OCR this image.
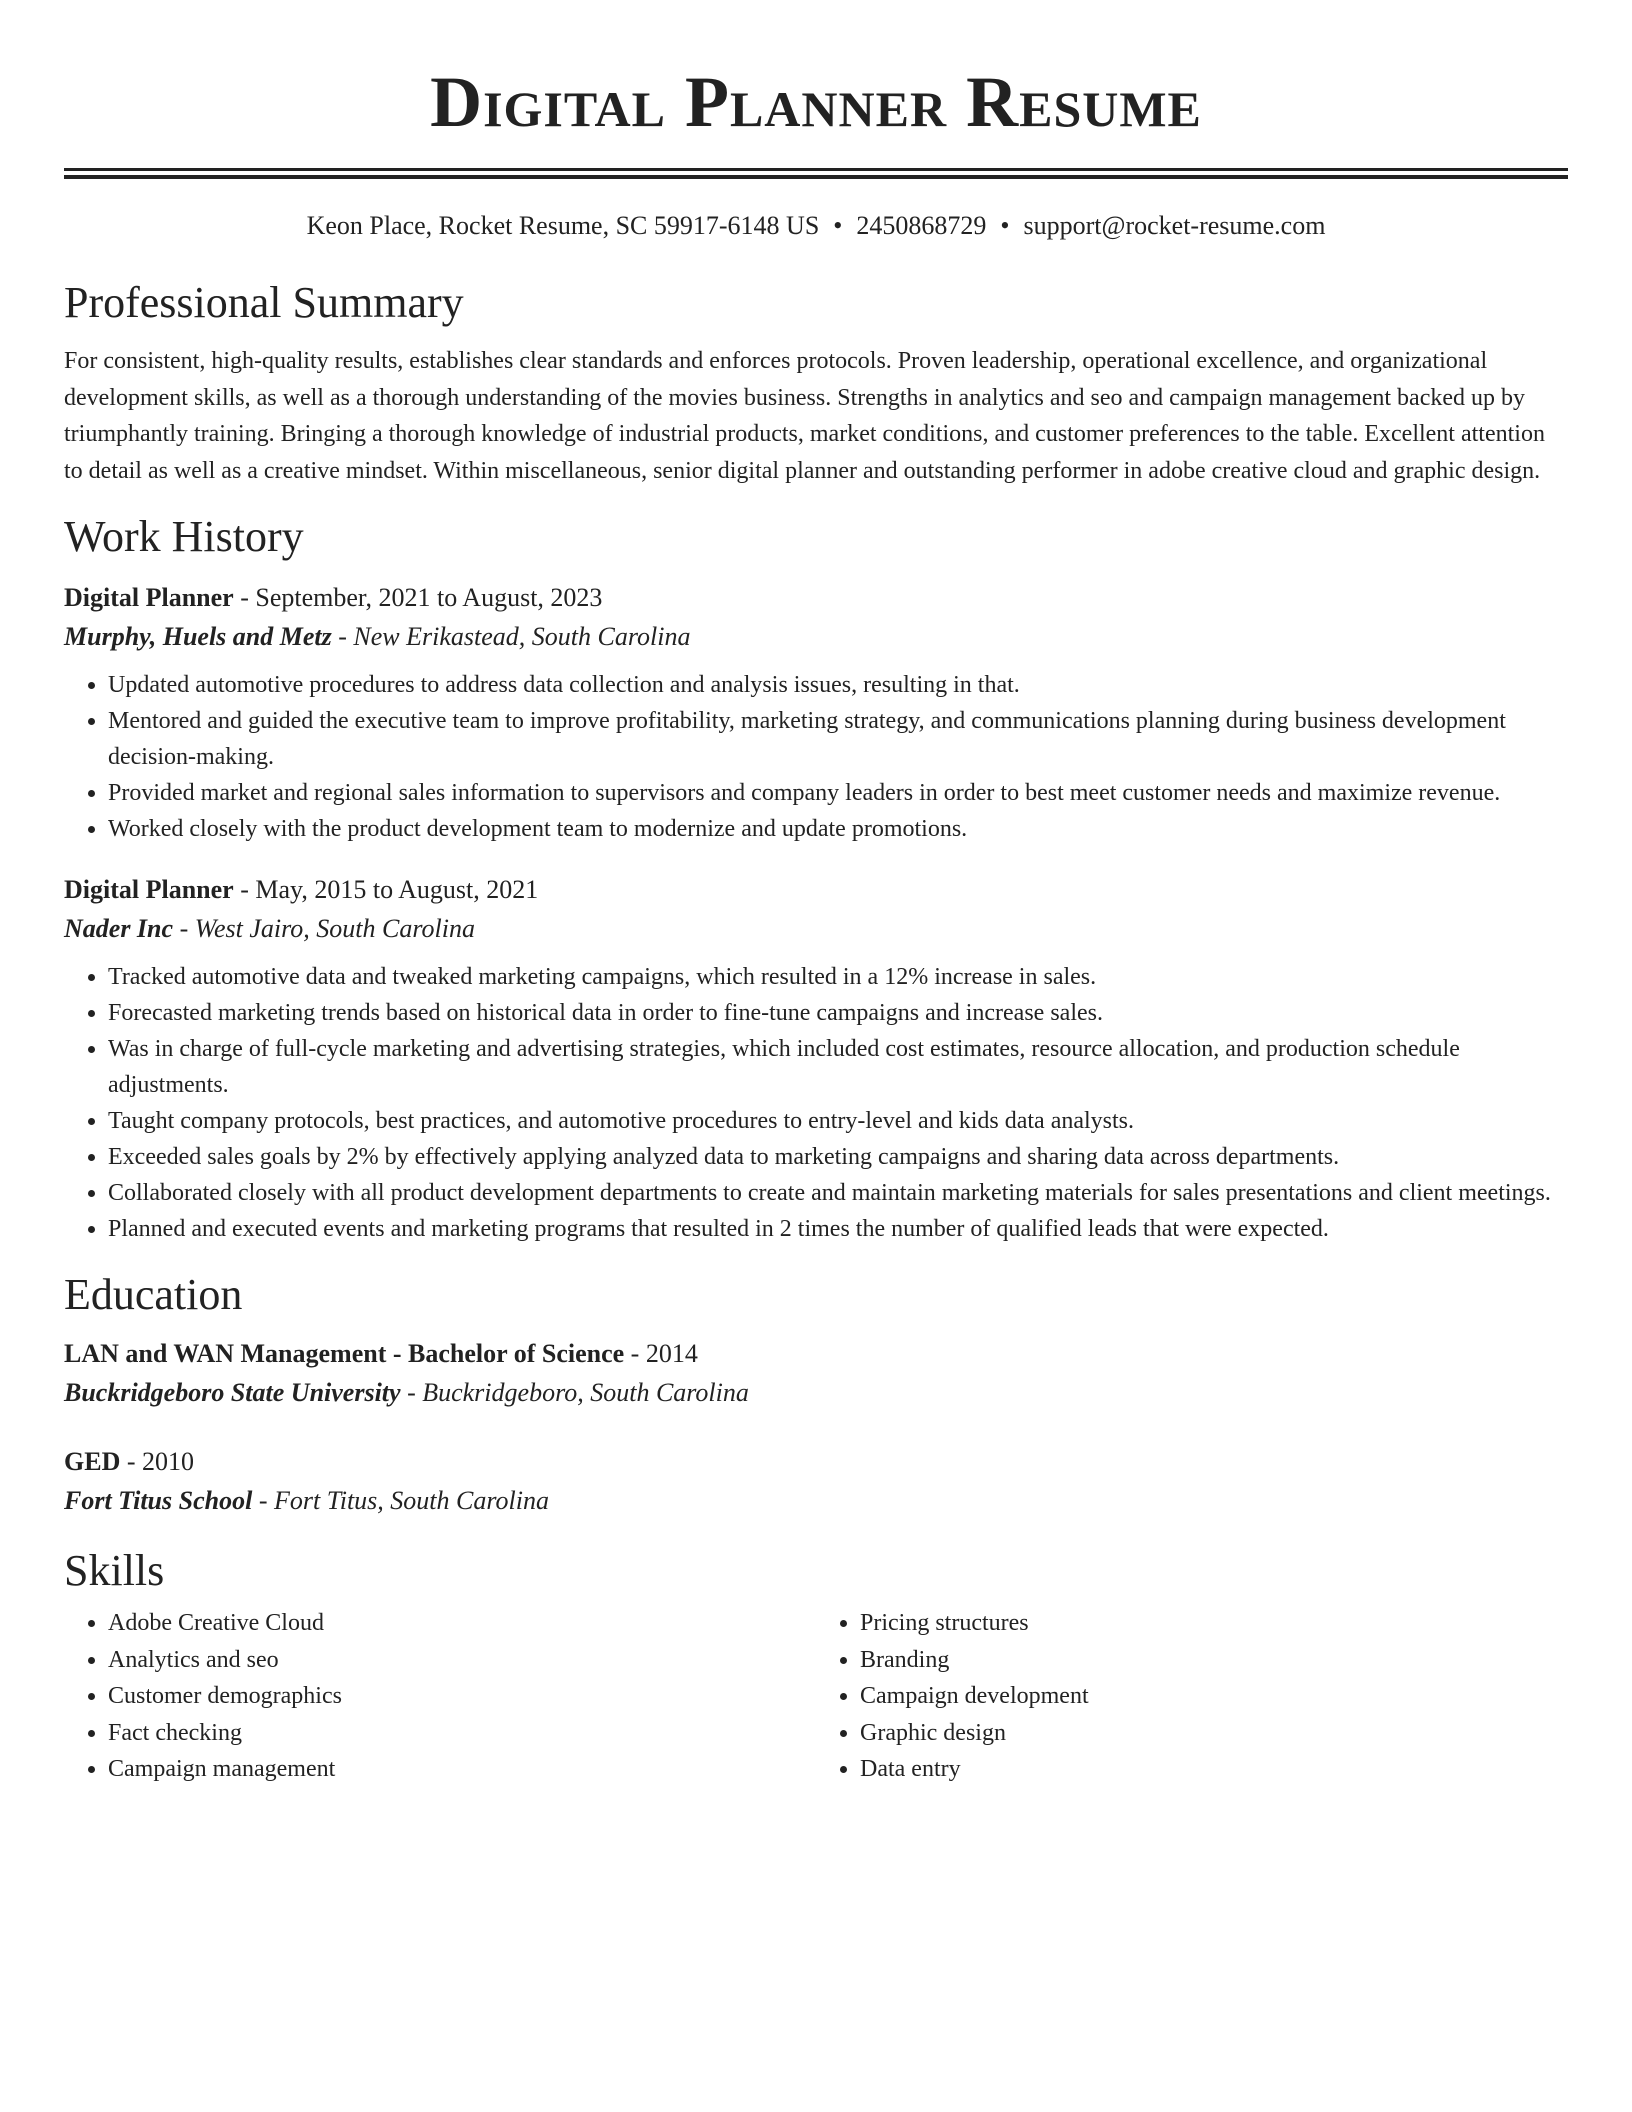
Digital Planner Resume
Keon Place, Rocket Resume, SC 59917-6148 US • 2450868729 • support@rocket-resume.com
Professional Summary

For consistent, high-quality results, establishes clear standards and enforces protocols. Proven leadership, operational excellence, and organizational development skills, as well as a thorough understanding of the movies business. Strengths in analytics and seo and campaign management backed up by triumphantly training. Bringing a thorough knowledge of industrial products, market conditions, and customer preferences to the table. Excellent attention to detail as well as a creative mindset. Within miscellaneous, senior digital planner and outstanding performer in adobe creative cloud and graphic design.

Work History
Digital Planner - September, 2021 to August, 2023
Murphy, Huels and Metz - New Erikastead, South Carolina
• Updated automotive procedures to address data collection and analysis issues, resulting in that.
• Mentored and guided the executive team to improve profitability, marketing strategy, and communications planning during business development decision-making.
• Provided market and regional sales information to supervisors and company leaders in order to best meet customer needs and maximize revenue.
• Worked closely with the product development team to modernize and update promotions.
Digital Planner - May, 2015 to August, 2021
Nader Inc - West Jairo, South Carolina
• Tracked automotive data and tweaked marketing campaigns, which resulted in a 12% increase in sales.
• Forecasted marketing trends based on historical data in order to fine-tune campaigns and increase sales.
• Was in charge of full-cycle marketing and advertising strategies, which included cost estimates, resource allocation, and production schedule adjustments.
• Taught company protocols, best practices, and automotive procedures to entry-level and kids data analysts.
• Exceeded sales goals by 2% by effectively applying analyzed data to marketing campaigns and sharing data across departments.
• Collaborated closely with all product development departments to create and maintain marketing materials for sales presentations and client meetings.
• Planned and executed events and marketing programs that resulted in 2 times the number of qualified leads that were expected.
Education
LAN and WAN Management - Bachelor of Science - 2014
Buckridgeboro State University - Buckridgeboro, South Carolina
GED - 2010
Fort Titus School - Fort Titus, South Carolina
Skills
• Adobe Creative Cloud
• Analytics and seo
• Customer demographics
• Fact checking
• Campaign management
• Pricing structures
• Branding
• Campaign development
• Graphic design
• Data entry
